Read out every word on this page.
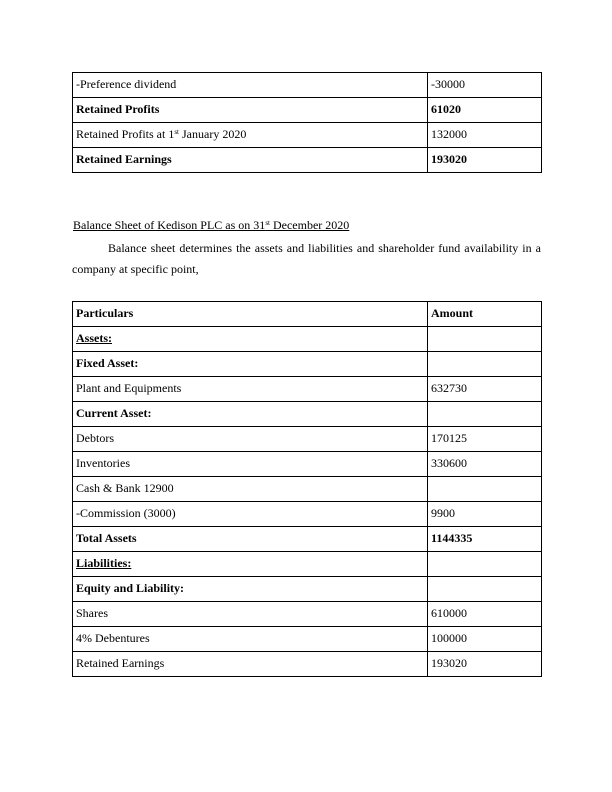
-Preference dividend	-30000
Retained Profits	61020
Retained Profits at 1st January 2020	132000
Retained Earnings	193020
Balance Sheet of Kedison PLC as on 31st December 2020
Balance sheet determines the assets and liabilities and shareholder fund availability in a company at specific point,
Particulars	Amount
Assets:	
Fixed Asset:	
Plant and Equipments	632730
Current Asset:	
Debtors	170125
Inventories	330600
Cash & Bank 12900	
-Commission (3000)	9900
Total Assets	1144335
Liabilities:	
Equity and Liability:	
Shares	610000
4% Debentures	100000
Retained Earnings	193020
